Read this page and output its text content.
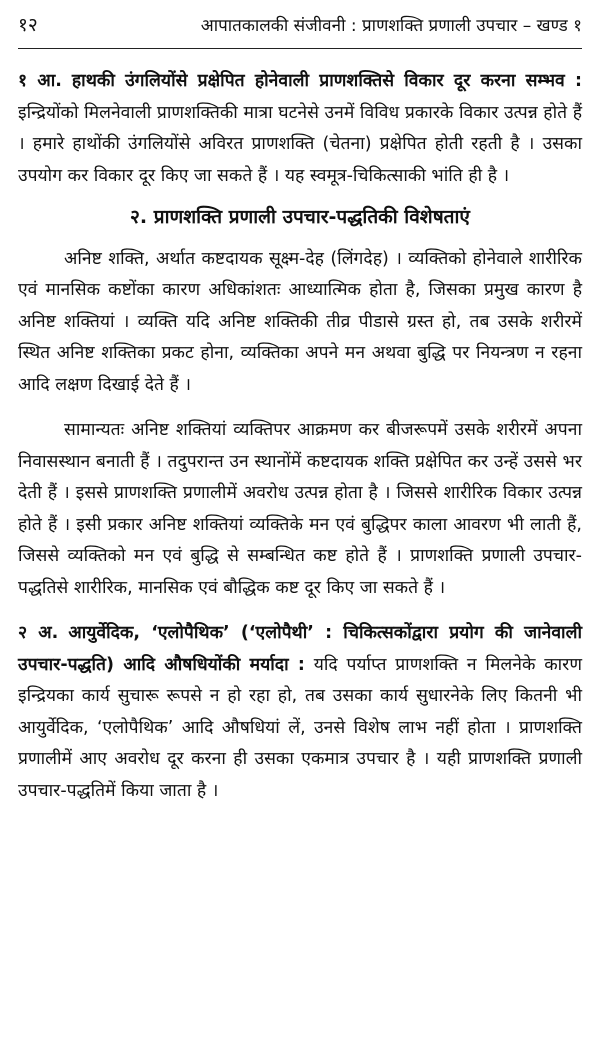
१२	आपातकालकी संजीवनी : प्राणशक्ति प्रणाली उपचार – खण्ड १

१ आ. हाथकी उंगलियोंसे प्रक्षेपित होनेवाली प्राणशक्तिसे विकार दूर करना सम्भव : इन्द्रियोंको मिलनेवाली प्राणशक्तिकी मात्रा घटनेसे उनमें विविध प्रकारके विकार उत्पन्न होते हैं । हमारे हाथोंकी उंगलियोंसे अविरत प्राणशक्ति (चेतना) प्रक्षेपित होती रहती है । उसका उपयोग कर विकार दूर किए जा सकते हैं । यह स्वमूत्र-चिकित्साकी भांति ही है ।

२. प्राणशक्ति प्रणाली उपचार-पद्धतिकी विशेषताएं

अनिष्ट शक्ति, अर्थात कष्टदायक सूक्ष्म-देह (लिंगदेह) । व्यक्तिको होनेवाले शारीरिक एवं मानसिक कष्टोंका कारण अधिकांशतः आध्यात्मिक होता है, जिसका प्रमुख कारण है अनिष्ट शक्तियां । व्यक्ति यदि अनिष्ट शक्तिकी तीव्र पीडासे ग्रस्त हो, तब उसके शरीरमें स्थित अनिष्ट शक्तिका प्रकट होना, व्यक्तिका अपने मन अथवा बुद्धि पर नियन्त्रण न रहना आदि लक्षण दिखाई देते हैं ।

सामान्यतः अनिष्ट शक्तियां व्यक्तिपर आक्रमण कर बीजरूपमें उसके शरीरमें अपना निवासस्थान बनाती हैं । तदुपरान्त उन स्थानोंमें कष्टदायक शक्ति प्रक्षेपित कर उन्हें उससे भर देती हैं । इससे प्राणशक्ति प्रणालीमें अवरोध उत्पन्न होता है । जिससे शारीरिक विकार उत्पन्न होते हैं । इसी प्रकार अनिष्ट शक्तियां व्यक्तिके मन एवं बुद्धिपर काला आवरण भी लाती हैं, जिससे व्यक्तिको मन एवं बुद्धि से सम्बन्धित कष्ट होते हैं । प्राणशक्ति प्रणाली उपचार-पद्धतिसे शारीरिक, मानसिक एवं बौद्धिक कष्ट दूर किए जा सकते हैं ।

२ अ. आयुर्वेदिक, ‘एलोपैथिक’ (‘एलोपैथी’ : चिकित्सकोंद्वारा प्रयोग की जानेवाली उपचार-पद्धति) आदि औषधियोंकी मर्यादा : यदि पर्याप्त प्राणशक्ति न मिलनेके कारण इन्द्रियका कार्य सुचारू रूपसे न हो रहा हो, तब उसका कार्य सुधारनेके लिए कितनी भी आयुर्वेदिक, ‘एलोपैथिक’ आदि औषधियां लें, उनसे विशेष लाभ नहीं होता । प्राणशक्ति प्रणालीमें आए अवरोध दूर करना ही उसका एकमात्र उपचार है । यही प्राणशक्ति प्रणाली उपचार-पद्धतिमें किया जाता है ।
